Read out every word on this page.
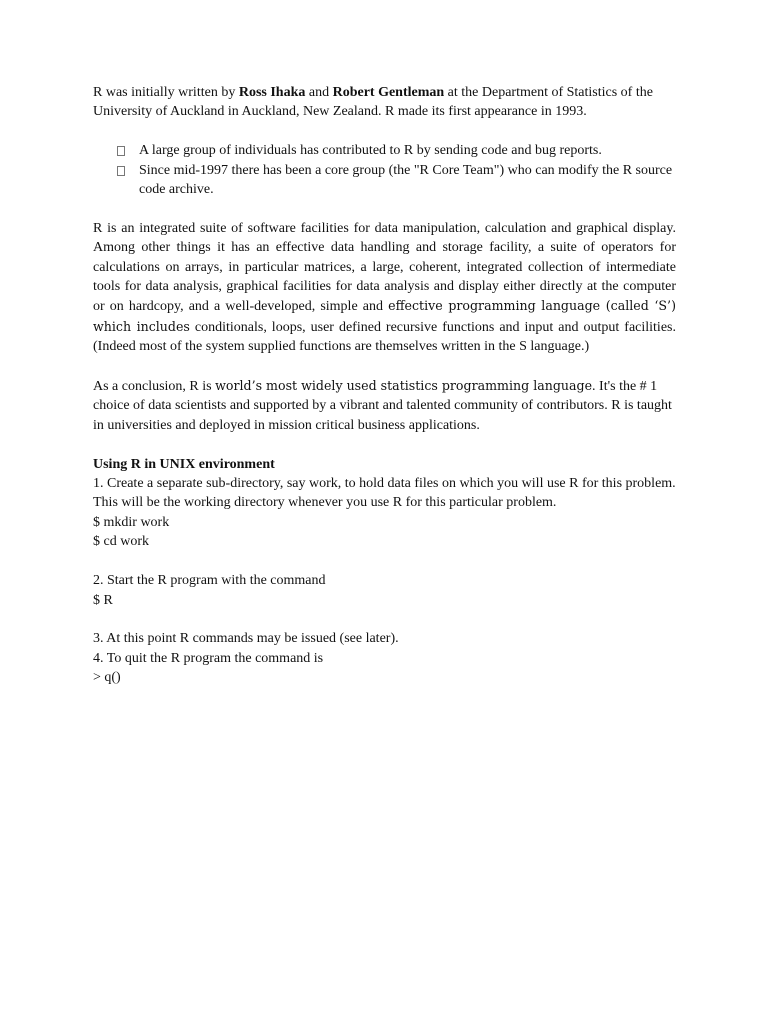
R was initially written by Ross Ihaka and Robert Gentleman at the Department of Statistics of the University of Auckland in Auckland, New Zealand. R made its first appearance in 1993.

A large group of individuals has contributed to R by sending code and bug reports.
Since mid-1997 there has been a core group (the "R Core Team") who can modify the R source code archive.

R is an integrated suite of software facilities for data manipulation, calculation and graphical display. Among other things it has an effective data handling and storage facility, a suite of operators for calculations on arrays, in particular matrices, a large, coherent, integrated collection of intermediate tools for data analysis, graphical facilities for data analysis and display either directly at the computer or on hardcopy, and a well-developed, simple and effective programming language (called ‘S’) which includes conditionals, loops, user defined recursive functions and input and output facilities. (Indeed most of the system supplied functions are themselves written in the S language.)

As a conclusion, R is world’s most widely used statistics programming language. It's the # 1 choice of data scientists and supported by a vibrant and talented community of contributors. R is taught in universities and deployed in mission critical business applications.

Using R in UNIX environment
1. Create a separate sub-directory, say work, to hold data files on which you will use R for this problem. This will be the working directory whenever you use R for this particular problem.
$ mkdir work
$ cd work

2. Start the R program with the command
$ R

3. At this point R commands may be issued (see later).
4. To quit the R program the command is
> q()
